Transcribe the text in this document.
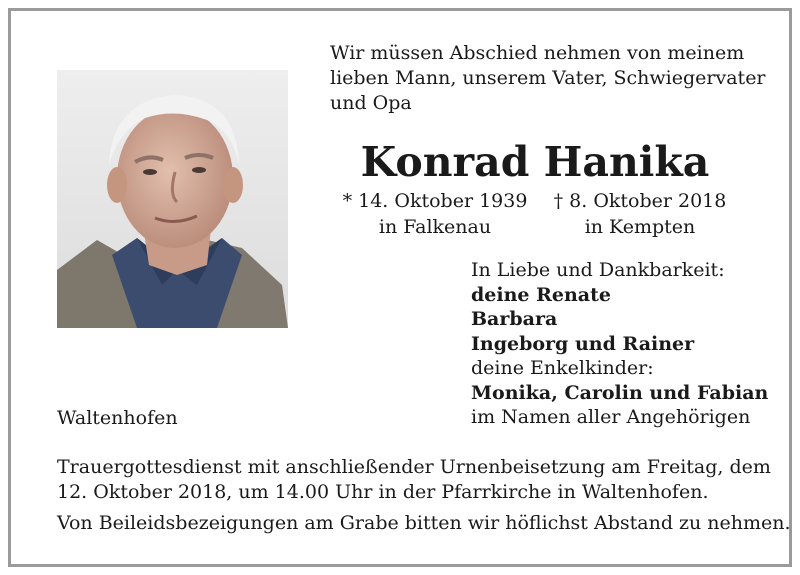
Wir müssen Abschied nehmen von meinem
lieben Mann, unserem Vater, Schwiegervater
und Opa
Konrad Hanika
* 14. Oktober 1939
in Falkenau
† 8. Oktober 2018
in Kempten
In Liebe und Dankbarkeit:
deine Renate
Barbara
Ingeborg und Rainer
deine Enkelkinder:
Monika, Carolin und Fabian
im Namen aller Angehörigen
Waltenhofen
Trauergottesdienst mit anschließender Urnenbeisetzung am Freitag, dem
12. Oktober 2018, um 14.00 Uhr in der Pfarrkirche in Waltenhofen.
Von Beileidsbezeigungen am Grabe bitten wir höflichst Abstand zu nehmen.
